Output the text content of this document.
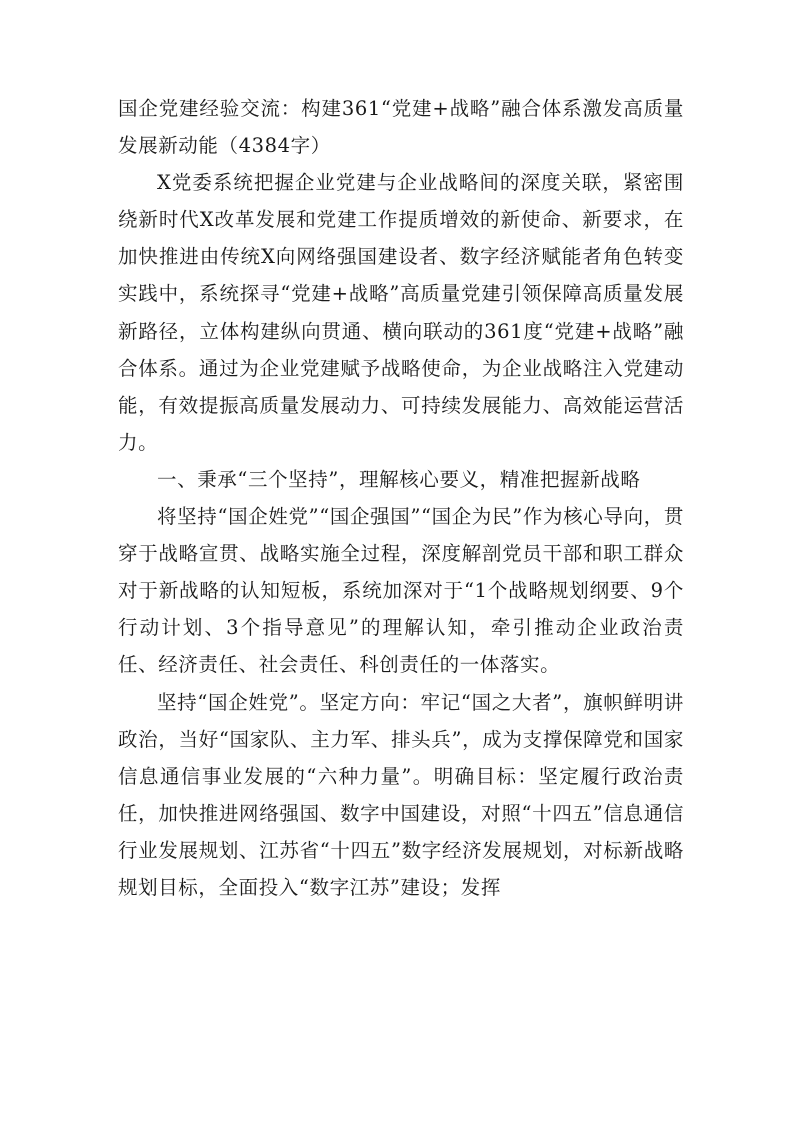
国企党建经验交流：构建361“党建+战略”融合体系激发高质量发展新动能（4384字）

X党委系统把握企业党建与企业战略间的深度关联，紧密围绕新时代X改革发展和党建工作提质增效的新使命、新要求，在加快推进由传统X向网络强国建设者、数字经济赋能者角色转变实践中，系统探寻“党建+战略”高质量党建引领保障高质量发展新路径，立体构建纵向贯通、横向联动的361度“党建+战略”融合体系。通过为企业党建赋予战略使命，为企业战略注入党建动能，有效提振高质量发展动力、可持续发展能力、高效能运营活力。

一、秉承“三个坚持”，理解核心要义，精准把握新战略

将坚持“国企姓党”“国企强国”“国企为民”作为核心导向，贯穿于战略宣贯、战略实施全过程，深度解剖党员干部和职工群众对于新战略的认知短板，系统加深对于“1个战略规划纲要、9个行动计划、3个指导意见”的理解认知，牵引推动企业政治责任、经济责任、社会责任、科创责任的一体落实。

坚持“国企姓党”。坚定方向：牢记“国之大者”，旗帜鲜明讲政治，当好“国家队、主力军、排头兵”，成为支撑保障党和国家信息通信事业发展的“六种力量”。明确目标：坚定履行政治责任，加快推进网络强国、数字中国建设，对照“十四五”信息通信行业发展规划、江苏省“十四五”数字经济发展规划，对标新战略规划目标，全面投入“数字江苏”建设；发挥
